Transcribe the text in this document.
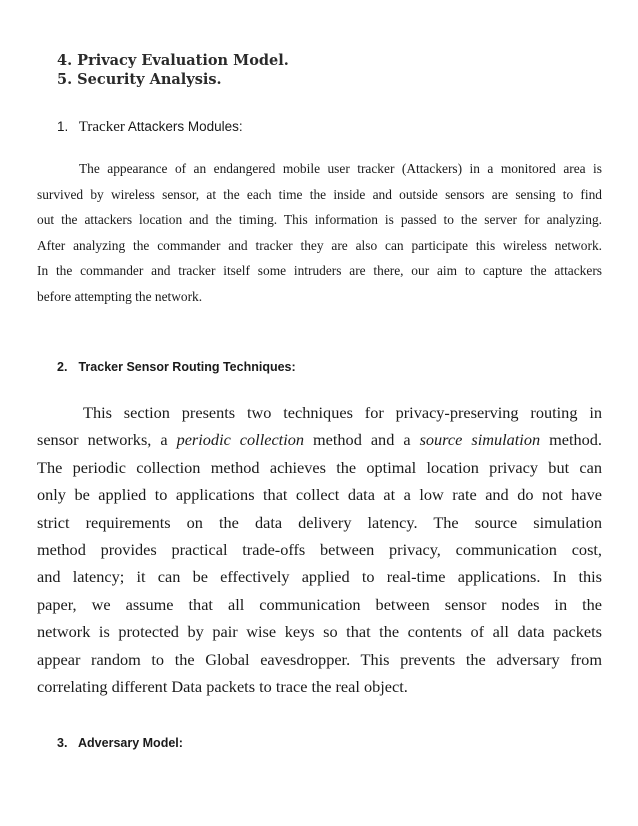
4. Privacy Evaluation Model.

5. Security Analysis.

1. Tracker Attackers Modules:

The appearance of an endangered mobile user tracker (Attackers) in a monitored area is
survived by wireless sensor, at the each time the inside and outside sensors are sensing to find
out the attackers location and the timing. This information is passed to the server for analyzing.
After analyzing the commander and tracker they are also can participate this wireless network.
In the commander and tracker itself some intruders are there, our aim to capture the attackers
before attempting the network.

2. Tracker Sensor Routing Techniques:

This section presents two techniques for privacy-preserving routing in
sensor networks, a periodic collection method and a source simulation method.
The periodic collection method achieves the optimal location privacy but can
only be applied to applications that collect data at a low rate and do not have
strict requirements on the data delivery latency. The source simulation
method provides practical trade-offs between privacy, communication cost,
and latency; it can be effectively applied to real-time applications. In this
paper, we assume that all communication between sensor nodes in the
network is protected by pair wise keys so that the contents of all data packets
appear random to the Global eavesdropper. This prevents the adversary from
correlating different Data packets to trace the real object.

3. Adversary Model:
